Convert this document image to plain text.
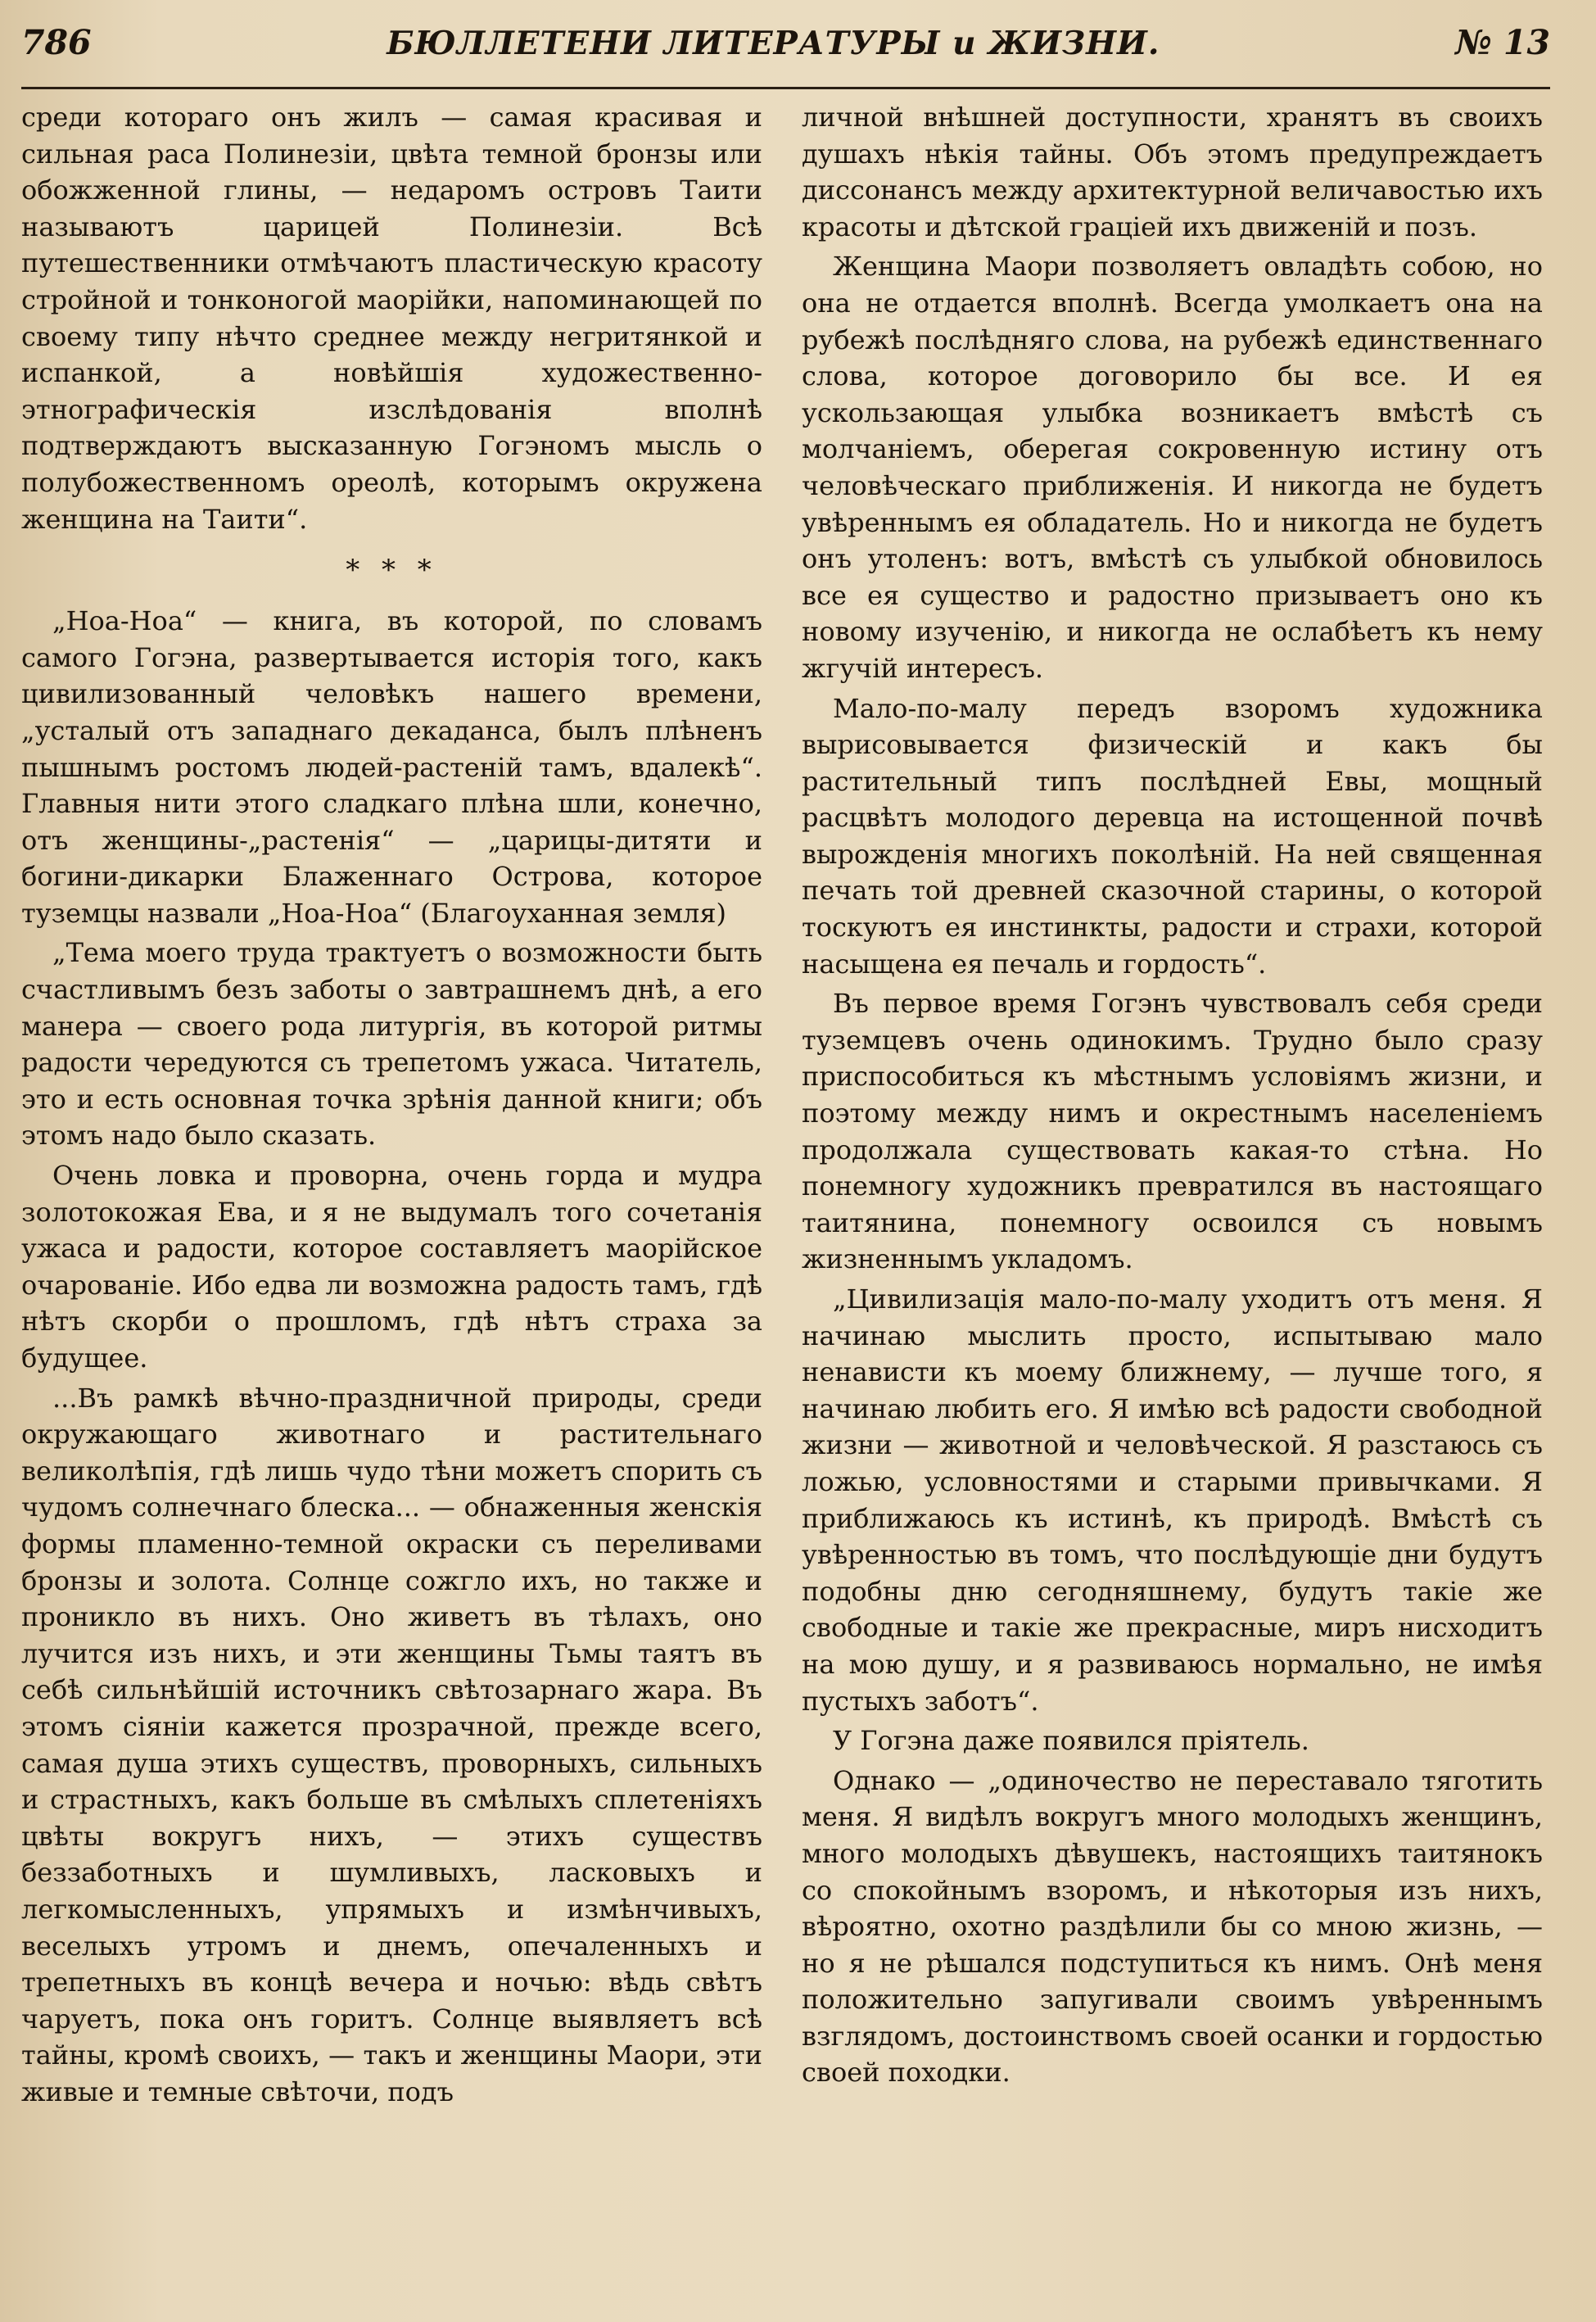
786	БЮЛЛЕТЕНИ ЛИТЕРАТУРЫ и ЖИЗНИ.	№ 13

среди котораго онъ жилъ — самая красивая и сильная раса Полинезіи, цвѣта темной бронзы или обожженной глины, — недаромъ островъ Таити называютъ царицей Полинезіи. Всѣ путешественники отмѣчаютъ пластическую красоту стройной и тонконогой маорійки, напоминающей по своему типу нѣчто среднее между негритянкой и испанкой, а новѣйшія художественно-этнографическія изслѣдованія вполнѣ подтверждаютъ высказанную Гогэномъ мысль о полубожественномъ ореолѣ, которымъ окружена женщина на Таити“.

* * *

„Ноа-Ноа“ — книга, въ которой, по словамъ самого Гогэна, развертывается исторія того, какъ цивилизованный человѣкъ нашего времени, „усталый отъ западнаго декаданса, былъ плѣненъ пышнымъ ростомъ людей-растеній тамъ, вдалекѣ“. Главныя нити этого сладкаго плѣна шли, конечно, отъ женщины-„растенія“ — „царицы-дитяти и богини-дикарки Блаженнаго Острова, которое туземцы назвали „Ноа-Ноа“ (Благоуханная земля)

„Тема моего труда трактуетъ о возможности быть счастливымъ безъ заботы о завтрашнемъ днѣ, а его манера — своего рода литургія, въ которой ритмы радости чередуются съ трепетомъ ужаса. Читатель, это и есть основная точка зрѣнія данной книги; объ этомъ надо было сказать.

Очень ловка и проворна, очень горда и мудра золотокожая Ева, и я не выдумалъ того сочетанія ужаса и радости, которое составляетъ маорійское очарованіе. Ибо едва ли возможна радость тамъ, гдѣ нѣтъ скорби о прошломъ, гдѣ нѣтъ страха за будущее.

...Въ рамкѣ вѣчно-праздничной природы, среди окружающаго животнаго и растительнаго великолѣпія, гдѣ лишь чудо тѣни можетъ спорить съ чудомъ солнечнаго блеска... — обнаженныя женскія формы пламенно-темной окраски съ переливами бронзы и золота. Солнце сожгло ихъ, но также и проникло въ нихъ. Оно живетъ въ тѣлахъ, оно лучится изъ нихъ, и эти женщины Тьмы таятъ въ себѣ сильнѣйшій источникъ свѣтозарнаго жара. Въ этомъ сіяніи кажется прозрачной, прежде всего, самая душа этихъ существъ, проворныхъ, сильныхъ и страстныхъ, какъ больше въ смѣлыхъ сплетеніяхъ цвѣты вокругъ нихъ, — этихъ существъ беззаботныхъ и шумливыхъ, ласковыхъ и легкомысленныхъ, упрямыхъ и измѣнчивыхъ, веселыхъ утромъ и днемъ, опечаленныхъ и трепетныхъ въ концѣ вечера и ночью: вѣдь свѣтъ чаруетъ, пока онъ горитъ. Солнце выявляетъ всѣ тайны, кромѣ своихъ, — такъ и женщины Маори, эти живые и темные свѣточи, подъ

личной внѣшней доступности, хранятъ въ своихъ душахъ нѣкія тайны. Объ этомъ предупреждаетъ диссонансъ между архитектурной величавостью ихъ красоты и дѣтской граціей ихъ движеній и позъ.

Женщина Маори позволяетъ овладѣть собою, но она не отдается вполнѣ. Всегда умолкаетъ она на рубежѣ послѣдняго слова, на рубежѣ единственнаго слова, которое договорило бы все. И ея ускользающая улыбка возникаетъ вмѣстѣ съ молчаніемъ, оберегая сокровенную истину отъ человѣческаго приближенія. И никогда не будетъ увѣреннымъ ея обладатель. Но и никогда не будетъ онъ утоленъ: вотъ, вмѣстѣ съ улыбкой обновилось все ея существо и радостно призываетъ оно къ новому изученію, и никогда не ослабѣетъ къ нему жгучій интересъ.

Мало-по-малу передъ взоромъ художника вырисовывается физическій и какъ бы растительный типъ послѣдней Евы, мощный расцвѣтъ молодого деревца на истощенной почвѣ вырожденія многихъ поколѣній. На ней священная печать той древней сказочной старины, о которой тоскуютъ ея инстинкты, радости и страхи, которой насыщена ея печаль и гордость“.

Въ первое время Гогэнъ чувствовалъ себя среди туземцевъ очень одинокимъ. Трудно было сразу приспособиться къ мѣстнымъ условіямъ жизни, и поэтому между нимъ и окрестнымъ населеніемъ продолжала существовать какая-то стѣна. Но понемногу художникъ превратился въ настоящаго таитянина, понемногу освоился съ новымъ жизненнымъ укладомъ.

„Цивилизація мало-по-малу уходитъ отъ меня. Я начинаю мыслить просто, испытываю мало ненависти къ моему ближнему, — лучше того, я начинаю любить его. Я имѣю всѣ радости свободной жизни — животной и человѣческой. Я разстаюсь съ ложью, условностями и старыми привычками. Я приближаюсь къ истинѣ, къ природѣ. Вмѣстѣ съ увѣренностью въ томъ, что послѣдующіе дни будутъ подобны дню сегодняшнему, будутъ такіе же свободные и такіе же прекрасные, миръ нисходитъ на мою душу, и я развиваюсь нормально, не имѣя пустыхъ заботъ“.

У Гогэна даже появился пріятель.

Однако — „одиночество не переставало тяготить меня. Я видѣлъ вокругъ много молодыхъ женщинъ, много молодыхъ дѣвушекъ, настоящихъ таитянокъ со спокойнымъ взоромъ, и нѣкоторыя изъ нихъ, вѣроятно, охотно раздѣлили бы со мною жизнь, — но я не рѣшался подступиться къ нимъ. Онѣ меня положительно запугивали своимъ увѣреннымъ взглядомъ, достоинствомъ своей осанки и гордостью своей походки.
